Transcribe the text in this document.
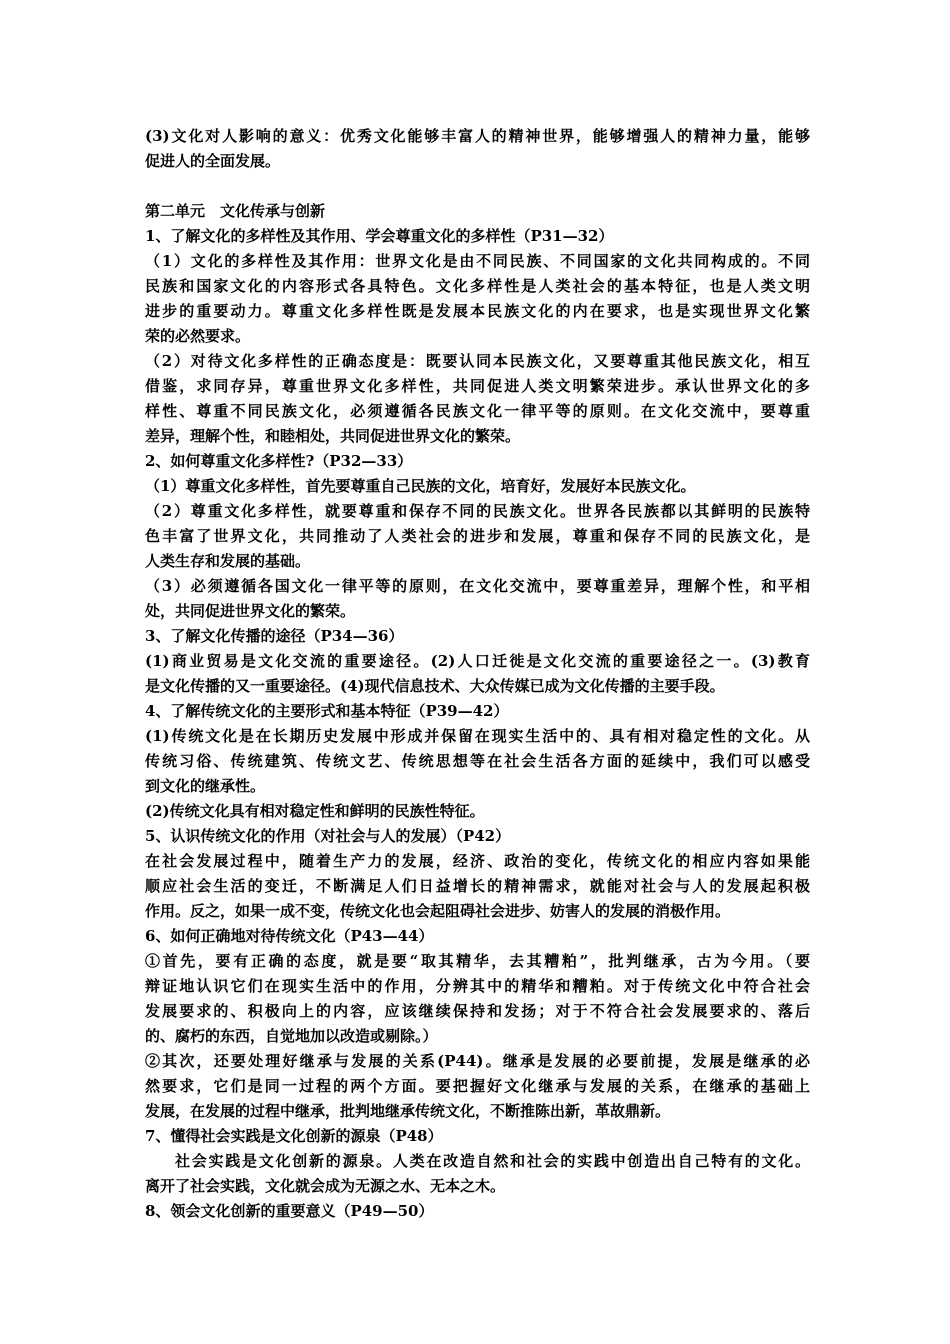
(3)文化对人影响的意义：优秀文化能够丰富人的精神世界，能够增强人的精神力量，能够
促进人的全面发展。
第二单元　文化传承与创新
1、了解文化的多样性及其作用、学会尊重文化的多样性（P31—32）
（1）文化的多样性及其作用：世界文化是由不同民族、不同国家的文化共同构成的。不同
民族和国家文化的内容形式各具特色。文化多样性是人类社会的基本特征，也是人类文明
进步的重要动力。尊重文化多样性既是发展本民族文化的内在要求，也是实现世界文化繁
荣的必然要求。
（2）对待文化多样性的正确态度是：既要认同本民族文化，又要尊重其他民族文化，相互
借鉴，求同存异，尊重世界文化多样性，共同促进人类文明繁荣进步。承认世界文化的多
样性、尊重不同民族文化，必须遵循各民族文化一律平等的原则。在文化交流中，要尊重
差异，理解个性，和睦相处，共同促进世界文化的繁荣。
2、如何尊重文化多样性?（P32—33）
（1）尊重文化多样性，首先要尊重自己民族的文化，培育好，发展好本民族文化。
（2）尊重文化多样性，就要尊重和保存不同的民族文化。世界各民族都以其鲜明的民族特
色丰富了世界文化，共同推动了人类社会的进步和发展，尊重和保存不同的民族文化，是
人类生存和发展的基础。
（3）必须遵循各国文化一律平等的原则，在文化交流中，要尊重差异，理解个性，和平相
处，共同促进世界文化的繁荣。
3、了解文化传播的途径（P34—36）
(1)商业贸易是文化交流的重要途径。(2)人口迁徙是文化交流的重要途径之一。(3)教育
是文化传播的又一重要途径。(4)现代信息技术、大众传媒已成为文化传播的主要手段。
4、了解传统文化的主要形式和基本特征（P39—42）
(1)传统文化是在长期历史发展中形成并保留在现实生活中的、具有相对稳定性的文化。从
传统习俗、传统建筑、传统文艺、传统思想等在社会生活各方面的延续中，我们可以感受
到文化的继承性。
(2)传统文化具有相对稳定性和鲜明的民族性特征。
5、认识传统文化的作用（对社会与人的发展）（P42）
在社会发展过程中，随着生产力的发展，经济、政治的变化，传统文化的相应内容如果能
顺应社会生活的变迁，不断满足人们日益增长的精神需求，就能对社会与人的发展起积极
作用。反之，如果一成不变，传统文化也会起阻碍社会进步、妨害人的发展的消极作用。
6、如何正确地对待传统文化（P43—44）
①首先，要有正确的态度，就是要“取其精华，去其糟粕”，批判继承，古为今用。（要
辩证地认识它们在现实生活中的作用，分辨其中的精华和糟粕。对于传统文化中符合社会
发展要求的、积极向上的内容，应该继续保持和发扬；对于不符合社会发展要求的、落后
的、腐朽的东西，自觉地加以改造或剔除。）
②其次，还要处理好继承与发展的关系(P44)。继承是发展的必要前提，发展是继承的必
然要求，它们是同一过程的两个方面。要把握好文化继承与发展的关系，在继承的基础上
发展，在发展的过程中继承，批判地继承传统文化，不断推陈出新，革故鼎新。
7、懂得社会实践是文化创新的源泉（P48）
社会实践是文化创新的源泉。人类在改造自然和社会的实践中创造出自己特有的文化。
离开了社会实践，文化就会成为无源之水、无本之木。
8、领会文化创新的重要意义（P49—50）
